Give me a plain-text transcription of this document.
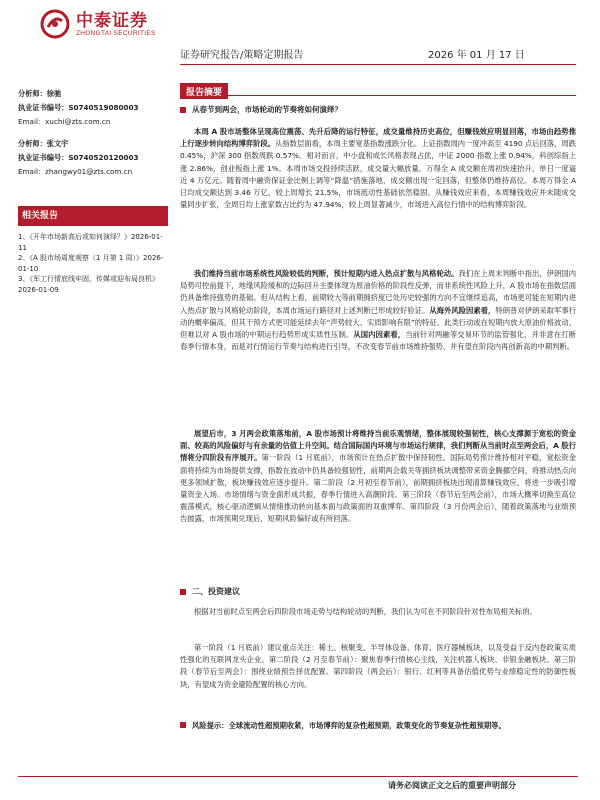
中泰证券
ZHONGTAI SECURITIES
证券研究报告/策略定期报告	2026 年 01 月 17 日
分析师： 徐驰
执业证书编号： S0740519080003
Email：xuchi@zts.com.cn
分析师： 张文宇
执业证书编号： S0740520120003
Email：zhangwy01@zts.com.cn
相关报告
1、《开年市场新高后或如何演绎？》2026-01-11
2、《A 股市场周度观察（1 月第 1 周）》2026-01-10
3、《军工行情底线牢固，传媒或迎布局良机》2026-01-09
报告摘要
从春节到两会，市场轮动的节奏将如何演绎？
本周 A 股市场整体呈现高位震荡、先升后降的运行特征，成交量维持历史高位，但赚钱效应明显回落，市场由趋势推上行逐步转向结构博弈阶段。从指数层面看，本周主要宽基指数涨跌分化。上证指数周内一度冲高至 4190 点后回落，周跌 0.45%，沪深 300 指数周跌 0.57%。相对而言，中小盘和成长风格表现占优，中证 2000 指数上涨 0.94%，科创综指上涨 2.86%，创业板指上涨 1%。本周市场交投持续活跃，成交量大幅放量。万得全 A 成交额在周初快速抬升，单日一度逼近 4 万亿元。随着周中融资保证金比例上调等“降温”措施落地，成交额出现一定回落，但整体仍维持高位。本周万得全 A 日均成交额达到 3.46 万亿，较上周增长 21.5%，市场流动性基础依然稳固。从赚钱效应来看，本周赚钱效应并未随成交量同步扩张，全周日均上涨家数占比约为 47.94%，较上周显著减少，市场进入高位行情中的结构博弈阶段。
我们维持当前市场系统性风险较低的判断，预计短期内进入热点扩散与风格轮动。我们在上周末判断中指出，伊朗国内局势可控前提下，地缘风险缓和的边际回升主要体现为原油价格的阶段性反弹，而非系统性风险上升，A 股市场在指数层面仍具备维持强势的基础。但从结构上看，前期较大等前期拥挤度已处历史较强的方向不宜继续追高，市场更可能在短期内进入热点扩散与风格轮动阶段，本周市场运行路径对上述判断已形成较好验证。从海外风险因素看，特朗普对伊朗采取军事行动的概率偏高，但其干预方式更可能延续去年“声势较大、实质影响有限”的特征。此类行动或在短期内放大原油价格波动，但难以对 A 股市场的中期运行趋势形成实质性压制。从国内因素看，当前针对两融等交易环节的监管强化，并非意在打断春季行情本身，而是对行情运行节奏与结构进行引导，不改变春节前市场维持强势、并有望在阶段内再创新高的中期判断。
展望后市，3 月两会政策落地前，A 股市场预计将维持当前乐观情绪，整体展现较强韧性，核心支撑源于宽松的资金面、较高的风险偏好与有余量的估值上升空间。结合国际国内环境与市场运行规律，我们判断从当前时点至两会后，A 股行情将分四阶段有序展开。第一阶段（1 月底前），市场预计在热点扩散中保持韧性。国际局势预计维持相对平稳，宽松资金面将持续为市场提供支撑，指数在波动中仍具备较强韧性，前期两会载关等拥挤板块调整带来资金腾挪空间，将推动热点向更多领域扩散，板块赚钱效应逐步提升。第二阶段（2 月初至春节前），前期拥挤板块出现清算赚钱效应，将进一步吸引增量资金入场。市场情绪与资金面形成共振，春季行情进入高潮阶段。第三阶段（春节后至两会前），市场大概率切换至高位震荡模式，核心驱动逻辑从情绪推动转向基本面与政策面的双重博弈。第四阶段（3 月份两会后），随着政策落地与业绩预告披露，市场预期兑现后，短期风险偏好或有所回落。
二、投资建议
根据对当前时点至两会后四阶段市场走势与结构轮动的判断，我们认为可在不同阶段针对性布局相关标的。
第一阶段（1 月底前）建议重点关注：稀土、核聚变、半导体设备、体育、医疗器械板块，以及受益于反内卷政策实质性强化的互联网龙头企业。第二阶段（2 月至春节前）：聚焦春季行情核心主线，关注机器人板块、非银金融板块。第三阶段（春节后至两会）：围绕业绩预告择优配置。第四阶段（两会后）：银行、红利等具备估值优势与业绩稳定性的防御性板块，有望成为资金避险配置的核心方向。
风险提示：全球流动性超预期收紧，市场博弈的复杂性超预期，政策变化的节奏复杂性超预期等。
请务必阅读正文之后的重要声明部分
